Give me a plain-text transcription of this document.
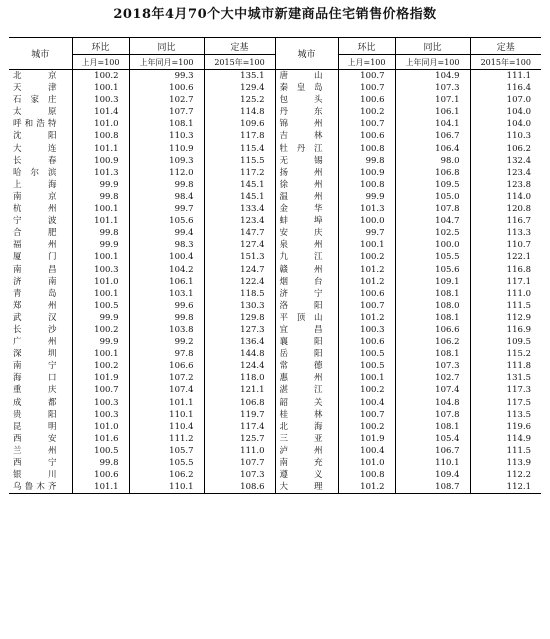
2018年4月70个大中城市新建商品住宅销售价格指数
城市	环比	同比	定基	城市	环比	同比	定基
	上月=100	上年同月=100	2015年=100		上月=100	上年同月=100	2015年=100
北京	100.2	99.3	135.1	唐山	100.7	104.9	111.1
天津	100.1	100.6	129.4	秦皇岛	100.7	107.3	116.4
石家庄	100.3	102.7	125.2	包头	100.6	107.1	107.0
太原	101.4	107.7	114.8	丹东	100.2	106.1	104.0
呼和浩特	101.0	108.1	109.6	锦州	100.7	104.1	104.0
沈阳	100.8	110.3	117.8	吉林	100.6	106.7	110.3
大连	101.1	110.9	115.4	牡丹江	100.8	106.4	106.2
长春	100.9	109.3	115.5	无锡	99.8	98.0	132.4
哈尔滨	101.3	112.0	117.2	扬州	100.9	106.8	123.4
上海	99.9	99.8	145.1	徐州	100.8	109.5	123.8
南京	99.8	98.4	145.1	温州	99.9	105.0	114.0
杭州	100.1	99.7	133.4	金华	101.3	107.8	120.8
宁波	101.1	105.6	123.4	蚌埠	100.0	104.7	116.7
合肥	99.8	99.4	147.7	安庆	99.7	102.5	113.3
福州	99.9	98.3	127.4	泉州	100.1	100.0	110.7
厦门	100.1	100.4	151.3	九江	100.2	105.5	122.1
南昌	100.3	104.2	124.7	赣州	101.2	105.6	116.8
济南	101.0	106.1	122.4	烟台	101.2	109.1	117.1
青岛	100.1	103.1	118.5	济宁	100.6	108.1	111.0
郑州	100.5	99.6	130.3	洛阳	100.7	108.0	111.5
武汉	99.9	99.8	129.8	平顶山	101.2	108.1	112.9
长沙	100.2	103.8	127.3	宜昌	100.3	106.6	116.9
广州	99.9	99.2	136.4	襄阳	100.6	106.2	109.5
深圳	100.1	97.8	144.8	岳阳	100.5	108.1	115.2
南宁	100.2	106.6	124.4	常德	100.5	107.3	111.8
海口	101.9	107.2	118.0	惠州	100.1	102.7	131.5
重庆	100.7	107.4	121.1	湛江	100.2	107.4	117.3
成都	100.3	101.1	106.8	韶关	100.4	104.8	117.5
贵阳	100.3	110.1	119.7	桂林	100.7	107.8	113.5
昆明	101.0	110.4	117.4	北海	100.2	108.1	119.6
西安	101.6	111.2	125.7	三亚	101.9	105.4	114.9
兰州	100.5	105.7	111.0	泸州	100.4	106.7	111.5
西宁	99.8	105.5	107.7	南充	101.0	110.1	113.9
银川	100.6	106.2	107.3	遵义	100.8	109.4	112.2
乌鲁木齐	101.1	110.1	108.6	大理	101.2	108.7	112.1
